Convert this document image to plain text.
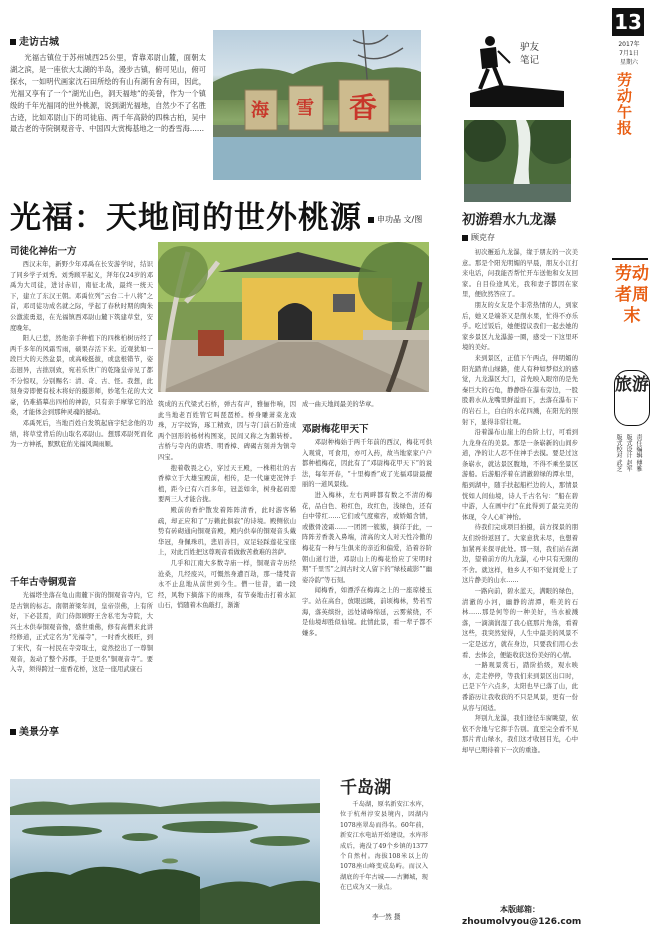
走访古城

光福古镇位于苏州城西25公里，背靠邓尉山麓，面朝太湖之滨，是一座依大太湖的半岛，漫步古镇，俯可见山，俯可探水，一如明代画家沈石田所绘的有山有湖有舍有田，因此，光福又享有了一个“湖光山色，洞天福地”的美誉，作为一个镇级的千年光福同的世外桃源，说到湖光福地，自然少不了名胜古迹，比如邓尉山下的司徒庙、两千年高龄的四株古柏，吴中最古老的寺院铜观音寺、中国四大赏梅基地之一的香雪海……

海 雪 香
光福：天地间的世外桃源	申功晶 文/图
司徒化神佑一方

西汉末年，新野少年邓禹在长安游学时，结识了同乡学子刘秀。刘秀顾平起义，拜年仅24岁的邓禹为大司徒，进讨赤眉，南征北战，最终一统天下，建立了东汉王朝。邓禹位列“云台二十八将”之首，邓司徒功成名就之际，学起了春秋时期的陶朱公激流勇退，在光福镇西邓尉山麓下筑建草堂，安度晚年。

阳人已惹，然他亲手种植下的四株柏树历经了两千多年的风霜雪雨，硕果存活下来。近观犹如一段巨大的天然盆景，或高峻挺拔，或盘根错节，姿态迥异，古拙別致，宛若乐世广的乾隆皇帝见了都不分惊叹，分别赐名：清、奇、古、怪。我想，此刻身旁即便有枝木将好的摄影师，妙笔生花的大文豪，仍难描摹出四柏的神韵，只有亲手摩挲它的沧桑，才能体会到那种灵魂的撼动。

邓禹死后，当地百姓自发筑起庙宇纪念他的功绩，将草堂背后的山取名邓尉山。想那邓尉死而化为一方神祇，默默庇佑光福风调雨顺。

千年古寺铜观音

光福塔坐落在龟山南麓下街的铜观音寺内，它是古镇的标志。南朝萧梁年间，皇帝崇佛，上有所好，下必甚焉，黄门侍郎顾野王舍私宅为寺院，大兴土木供奉铜观音像，盛世重佛，修有高僧来此讲经修道，正式定名为“光福寺”，一时香火极旺，到了宋代，有一村民在寺旁取土，竟然挖出了一尊铜观音，轰动了整个苏郡，于是更名“铜观音寺”。要入寺，须得跨过一座香花桥，这是一座用武康石

筑成的五代梁式石桥，弹古有声，雅俪作响，因此当地老百姓管它叫琵琶桥。桥身雕萧菜龙戏珠，万字纹饰，琢工精致，因与寺门前石阶连成两个回形的杨材构图案，民间又称之为鹅转桥。古桥与寺内的唐塔、明香樟、碑碣古刻并为镇寺四宝。

抱着敬畏之心，穿过天王殿，一株粗壮的古香樟立于大雄宝殿前，相传，是一代廉吏况钟手植，距今已有六百多年，冠盖如伞，树身起码需要两三人才能合拢。

殿前的香炉散发着阵阵清香，此时游客稀疏，却正应和了“万籁此俱寂”的诗境。殿侧依山势有砖砌通向铜观音殿，殿内供奉的铜观音头戴华冠，身佩珠玑，悲眉善目，双足轻踩莲花宝座上，对此百姓把这尊观音看做救苦救难的菩萨。

几乎和江南大多数寺庙一样，铜观音寺历经沧桑，几经废兴，可慨然身遭百劫，那一缕梵音永不止息地从前世到今生。僧一往昔，诵一段经，风物下摘落下的雨珠，有节奏地击打着水缸山石，悄随着木鱼敲打，渐渐

成一曲天地间最美的华章。

邓尉梅花甲天下

邓尉种梅始于两千年前的西汉，梅花可供入观赏，可食用，亦可入药，故当地家家户户都种植梅花，因此有了“邓尉梅花甲天下”的说法，每年开春，“十里梅香”成了光福邓尉最靓丽的一道风景线。

进入梅林，左右两畔都有数之不清的梅花，品白色、粉红色，玫红色，浅绿色，还有白中带红……它们或气度雍容，或娇媚含情，或傲骨凌霜……一团团一簇簇，摘徉于此，一阵阵芳香袭入鼻端，清高的文人对天性冷傲的梅花有一种与生俱来的亲近和偏爱，沿着谷阶朝山道行进，邓尉山上的梅花恰应了宋明时期“千里雪”之间古时文人留下的“绿枝疏影”“幽姿冷韵”等石刻。

闻梅香，如漂浮在梅海之上的一座琼楼玉宇。站在高台，放眼远眺，前顷梅林，势若雪海，落英缤纷，远处诸峰绵延，云雾萦绕，不是仙境却胜似仙境。此情此景，看一辈子都不嫌多。

美景分享
千岛湖

千岛湖，原名新安江水库，位于杭州淳安县境内，因湖内1078座翠岛而得名。60年前，新安江水电站开始建设，水库形成后，淹没了49个乡镇的1377个自然村。海拔108米以上的1078座山峰变成岛屿。而汉入湖底的千年古城——古狮城，现在已成为又一景点。

李一然 摄
驴友
笔记
初游碧水九龙瀑
顾克存

初次邂逅九龙瀑，缘于朋友的一次美意。那是个阳光明媚的早晨，朋友小江打来电话，问我能否帮忙开车送他和女友回家。自目俭途风光，我和妻子都因在家里，便欣然答应了。

朋友的女友是个非常热情的人，到家后，她又是端茶又是削水果，忙得不亦乐乎。吃过饭后，她便提议我们一起去她的家乡景区九龙瀑游一圈，感受一下这里环境的美好。

来到景区，正值下午两点，伴明媚的阳光踏青山绿路，使人有种如梦似幻的感觉，九龙瀑区大门，首先映入眼帘的是先秦巨大的石龟，静静卧在瀑布旁边，一股股碧水从龙嘴里鲜溢而下，去落在瀑布下的岩石上，白白的水花四溅，在阳光的照射下，显得非常壮观。

沿着瀑布山崖上的台阶上行，可看到九龙身在的美景。那是一条崭新的山间步道，净的让人忍不住神手去摸。要是过这条崭水，就达景区腹地，不得不乘坐景区游船。后游船浮着在清澈碧绿的潭水里，船到湖中，随手扶起船栏边的人，那情景恍如人间仙境，诗人千古名句：“船在碧中游，人在画中行”在此得到了最完美的体现，令人心旷神怡。

待我们完成项目拍摄，前方探景的朋友们纷纷返回了。大家意犹未尽，也想着加紧再来探寻此处。那一刻，我们站在湖边，望着前方的九龙瀑，心中只有无限的不舍。就这样，他乡人不知不觉间爱上了这片静美的山水……

一路向前，碧水蓝天，满眼的绿色，清澈的小河，幽静的清潭，唯美的石林……那是何等的一种美好，当水被溅落，一滴滴润湿了我心底那片角落，看着这些，我突然觉得，人生中最美的风景不一定是远方，就在身边，只要我们用心去看、去体会，便能收获这份美好的心情。

一路观景赏石，踏阶拾级，观水映水，走走停停，等我们来到景区出口时，已是下午六点多，太阳也早已落了山，此番游历让我收获的不只是风景，更有一份从容与闲适。

拜别九龙瀑，我们途径车窗眺望，依依不舍地与它挥手告别。直至完全看不见那片青山绿水，我们这才收回目光，心中却早已期待着下一次的重逢。

本版邮箱：
zhoumolvyou@126.com
13
2017年
7月1日
星期六
劳动午报
劳动者周末
旅游
责任编辑 傅雅
版式设计 赵军
版式校对 武芝
